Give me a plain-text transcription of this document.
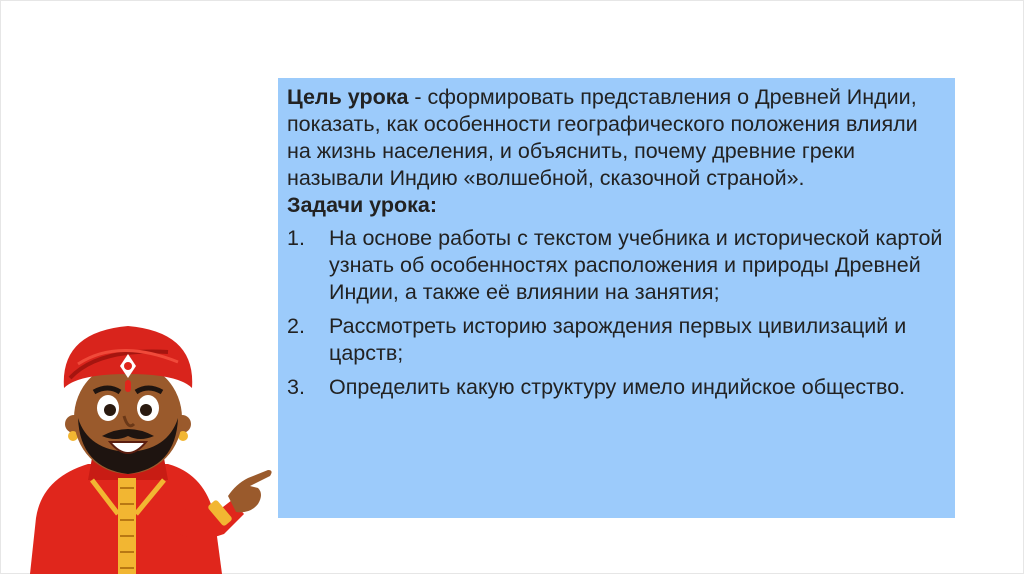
Цель урока - сформировать представления о Древней Индии, показать, как особенности географического положения влияли на жизнь населения, и объяснить, почему древние греки называли Индию «волшебной, сказочной страной».

Задачи урока:

1.	На основе работы с текстом учебника и исторической картой узнать об особенностях расположения и природы Древней Индии, а также её влиянии на занятия;
2.	Рассмотреть историю зарождения первых цивилизаций и царств;
3.	Определить какую структуру имело индийское общество.
